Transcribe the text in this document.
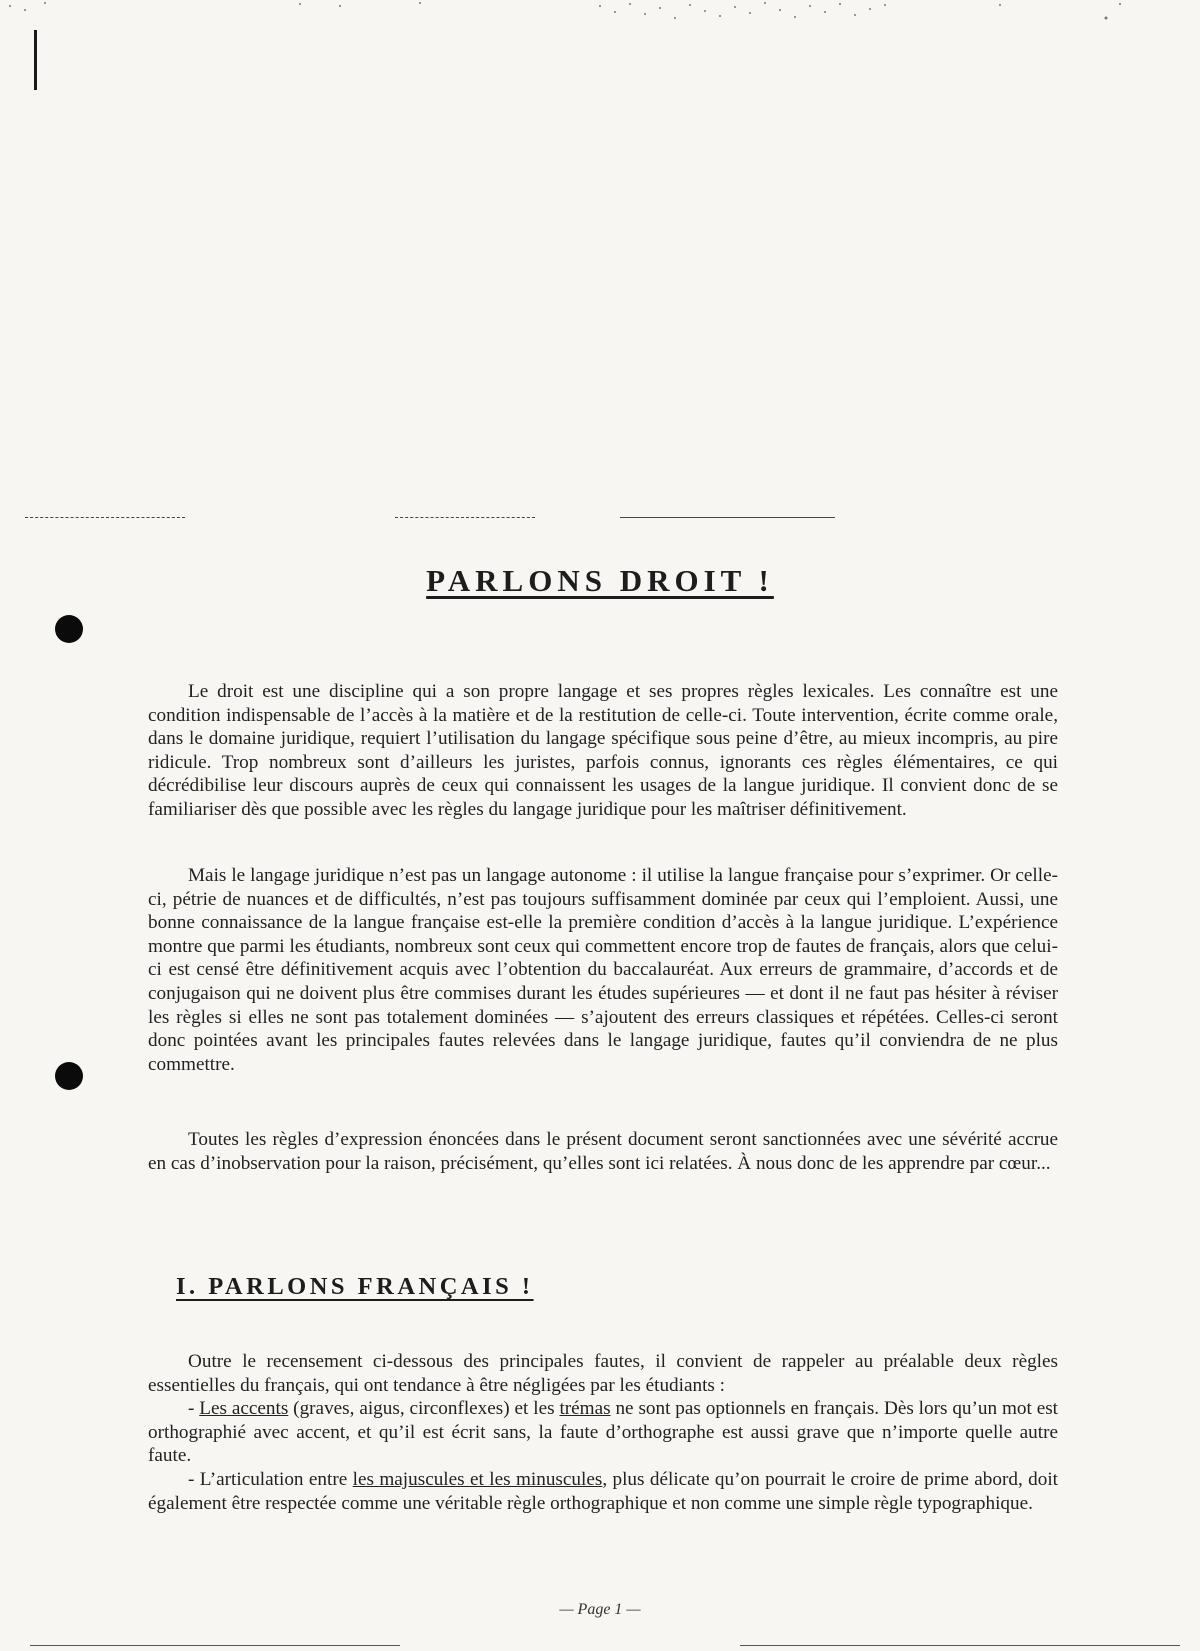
PARLONS DROIT !

Le droit est une discipline qui a son propre langage et ses propres règles lexicales. Les connaître est une condition indispensable de l’accès à la matière et de la restitution de celle-ci. Toute intervention, écrite comme orale, dans le domaine juridique, requiert l’utilisation du langage spécifique sous peine d’être, au mieux incompris, au pire ridicule. Trop nombreux sont d’ailleurs les juristes, parfois connus, ignorants ces règles élémentaires, ce qui décrédibilise leur discours auprès de ceux qui connaissent les usages de la langue juridique. Il convient donc de se familiariser dès que possible avec les règles du langage juridique pour les maîtriser définitivement.

Mais le langage juridique n’est pas un langage autonome : il utilise la langue française pour s’exprimer. Or celle-ci, pétrie de nuances et de difficultés, n’est pas toujours suffisamment dominée par ceux qui l’emploient. Aussi, une bonne connaissance de la langue française est-elle la première condition d’accès à la langue juridique. L’expérience montre que parmi les étudiants, nombreux sont ceux qui commettent encore trop de fautes de français, alors que celui-ci est censé être définitivement acquis avec l’obtention du baccalauréat. Aux erreurs de grammaire, d’accords et de conjugaison qui ne doivent plus être commises durant les études supérieures — et dont il ne faut pas hésiter à réviser les règles si elles ne sont pas totalement dominées — s’ajoutent des erreurs classiques et répétées. Celles-ci seront donc pointées avant les principales fautes relevées dans le langage juridique, fautes qu’il conviendra de ne plus commettre.

Toutes les règles d’expression énoncées dans le présent document seront sanctionnées avec une sévérité accrue en cas d’inobservation pour la raison, précisément, qu’elles sont ici relatées. À nous donc de les apprendre par cœur...

I. PARLONS FRANÇAIS !

Outre le recensement ci-dessous des principales fautes, il convient de rappeler au préalable deux règles essentielles du français, qui ont tendance à être négligées par les étudiants :

- Les accents (graves, aigus, circonflexes) et les trémas ne sont pas optionnels en français. Dès lors qu’un mot est orthographié avec accent, et qu’il est écrit sans, la faute d’orthographe est aussi grave que n’importe quelle autre faute.

- L’articulation entre les majuscules et les minuscules, plus délicate qu’on pourrait le croire de prime abord, doit également être respectée comme une véritable règle orthographique et non comme une simple règle typographique.

— Page 1 —
